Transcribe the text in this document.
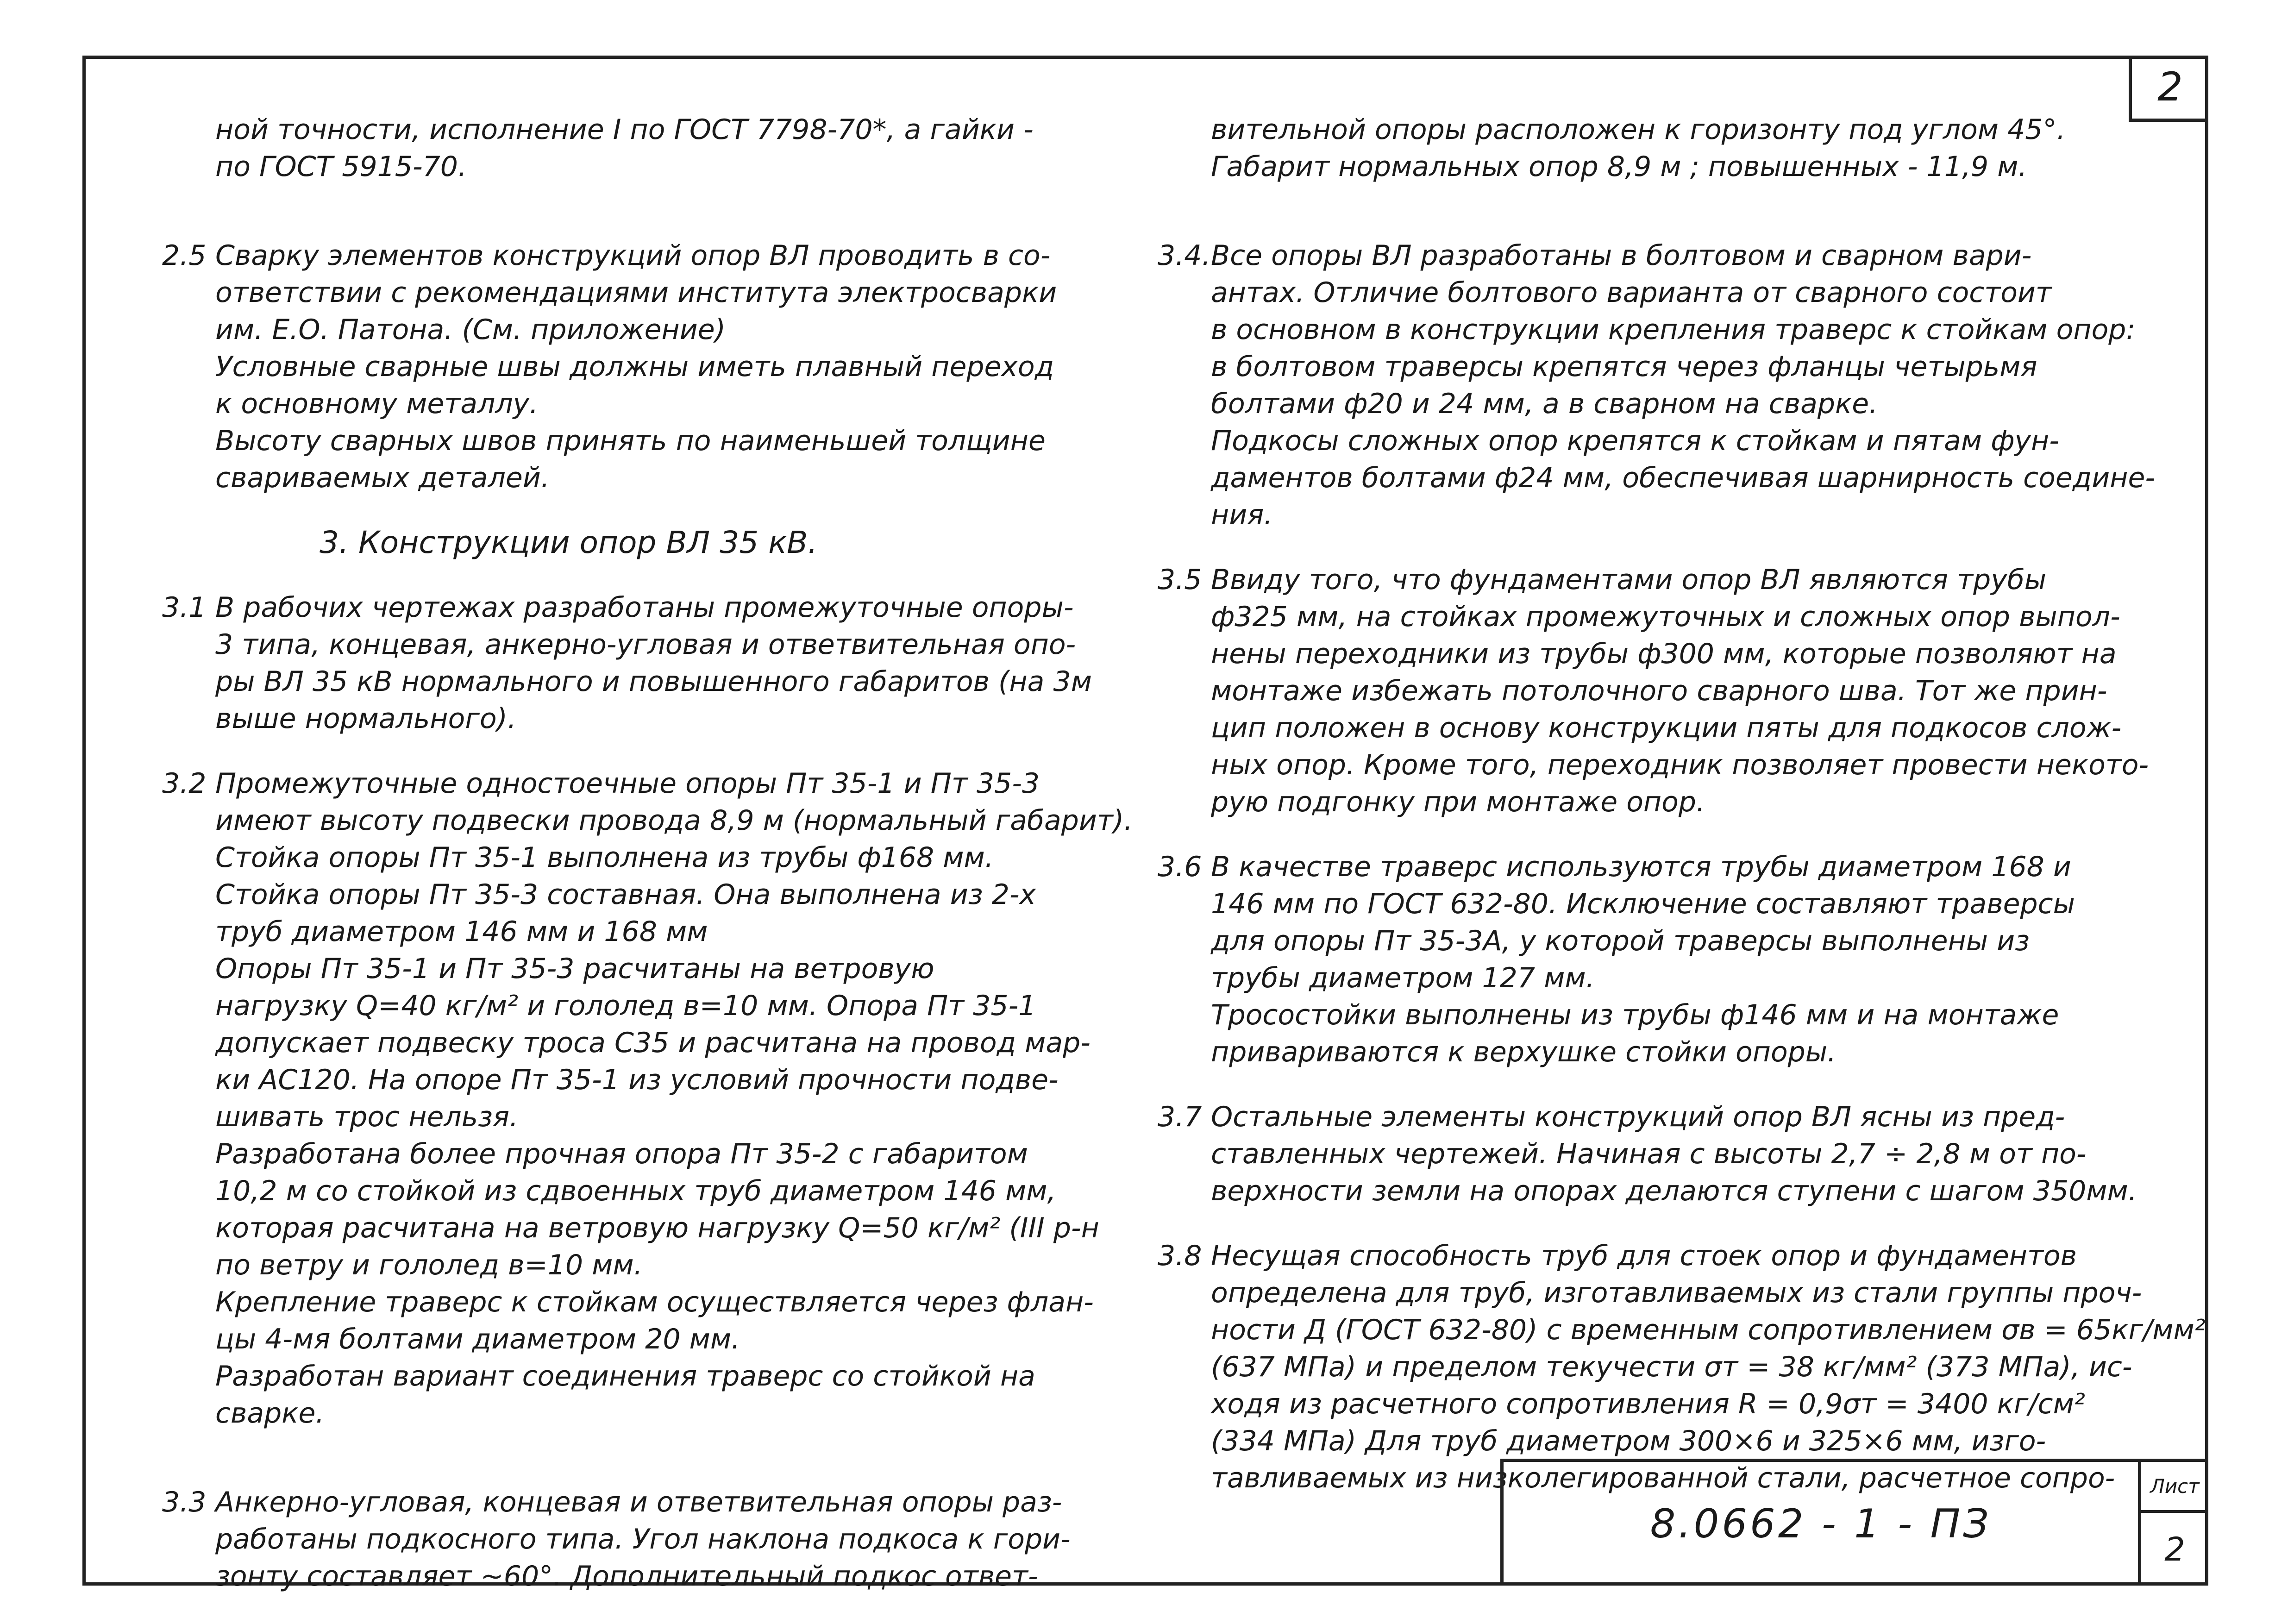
2
ной точности, исполнение I по ГОСТ 7798-70*, а гайки -
по ГОСТ 5915-70.
2.5 Сварку элементов конструкций опор ВЛ проводить в со-
ответствии с рекомендациями института электросварки
им. Е.О. Патона. (См. приложение)
Условные сварные швы должны иметь плавный переход
к основному металлу.
Высоту сварных швов принять по наименьшей толщине
свариваемых деталей.
3. Конструкции опор ВЛ 35 кВ.
3.1 В рабочих чертежах разработаны промежуточные опоры-
3 типа, концевая, анкерно-угловая и ответвительная опо-
ры ВЛ 35 кВ нормального и повышенного габаритов (на 3м
выше нормального).
3.2 Промежуточные одностоечные опоры Пт 35-1 и Пт 35-3
имеют высоту подвески провода 8,9 м (нормальный габарит).
Стойка опоры Пт 35-1 выполнена из трубы ф168 мм.
Стойка опоры Пт 35-3 составная. Она выполнена из 2-х
труб диаметром 146 мм и 168 мм
Опоры Пт 35-1 и Пт 35-3 расчитаны на ветровую
нагрузку Q=40 кг/м² и гололед в=10 мм. Опора Пт 35-1
допускает подвеску троса С35 и расчитана на провод мар-
ки АС120. На опоре Пт 35-1 из условий прочности подве-
шивать трос нельзя.
Разработана более прочная опора Пт 35-2 с габаритом
10,2 м со стойкой из сдвоенных труб диаметром 146 мм,
которая расчитана на ветровую нагрузку Q=50 кг/м² (III р-н
по ветру и гололед в=10 мм.
Крепление траверс к стойкам осуществляется через флан-
цы 4-мя болтами диаметром 20 мм.
Разработан вариант соединения траверс со стойкой на
сварке.
3.3 Анкерно-угловая, концевая и ответвительная опоры раз-
работаны подкосного типа. Угол наклона подкоса к гори-
зонту составляет ~60°. Дополнительный подкос ответ-
вительной опоры расположен к горизонту под углом 45°.
Габарит нормальных опор 8,9 м ; повышенных - 11,9 м.
3.4.Все опоры ВЛ разработаны в болтовом и сварном вари-
антах. Отличие болтового варианта от сварного состоит
в основном в конструкции крепления траверс к стойкам опор:
в болтовом траверсы крепятся через фланцы четырьмя
болтами ф20 и 24 мм, а в сварном на сварке.
Подкосы сложных опор крепятся к стойкам и пятам фун-
даментов болтами ф24 мм, обеспечивая шарнирность соедине-
ния.
3.5 Ввиду того, что фундаментами опор ВЛ являются трубы
ф325 мм, на стойках промежуточных и сложных опор выпол-
нены переходники из трубы ф300 мм, которые позволяют на
монтаже избежать потолочного сварного шва. Тот же прин-
цип положен в основу конструкции пяты для подкосов слож-
ных опор. Кроме того, переходник позволяет провести некото-
рую подгонку при монтаже опор.
3.6 В качестве траверс используются трубы диаметром 168 и
146 мм по ГОСТ 632-80. Исключение составляют траверсы
для опоры Пт 35-3А, у которой траверсы выполнены из
трубы диаметром 127 мм.
Тросостойки выполнены из трубы ф146 мм и на монтаже
привариваются к верхушке стойки опоры.
3.7 Остальные элементы конструкций опор ВЛ ясны из пред-
ставленных чертежей. Начиная с высоты 2,7 ÷ 2,8 м от по-
верхности земли на опорах делаются ступени с шагом 350мм.
3.8 Несущая способность труб для стоек опор и фундаментов
определена для труб, изготавливаемых из стали группы проч-
ности Д (ГОСТ 632-80) с временным сопротивлением σв = 65кг/мм²
(637 МПа) и пределом текучести σт = 38 кг/мм² (373 МПа), ис-
ходя из расчетного сопротивления R = 0,9σт = 3400 кг/см²
(334 МПа) Для труб диаметром 300×6 и 325×6 мм, изго-
тавливаемых из низколегированной стали, расчетное сопро-
8.0662 - 1 - ПЗ
Лист
2
